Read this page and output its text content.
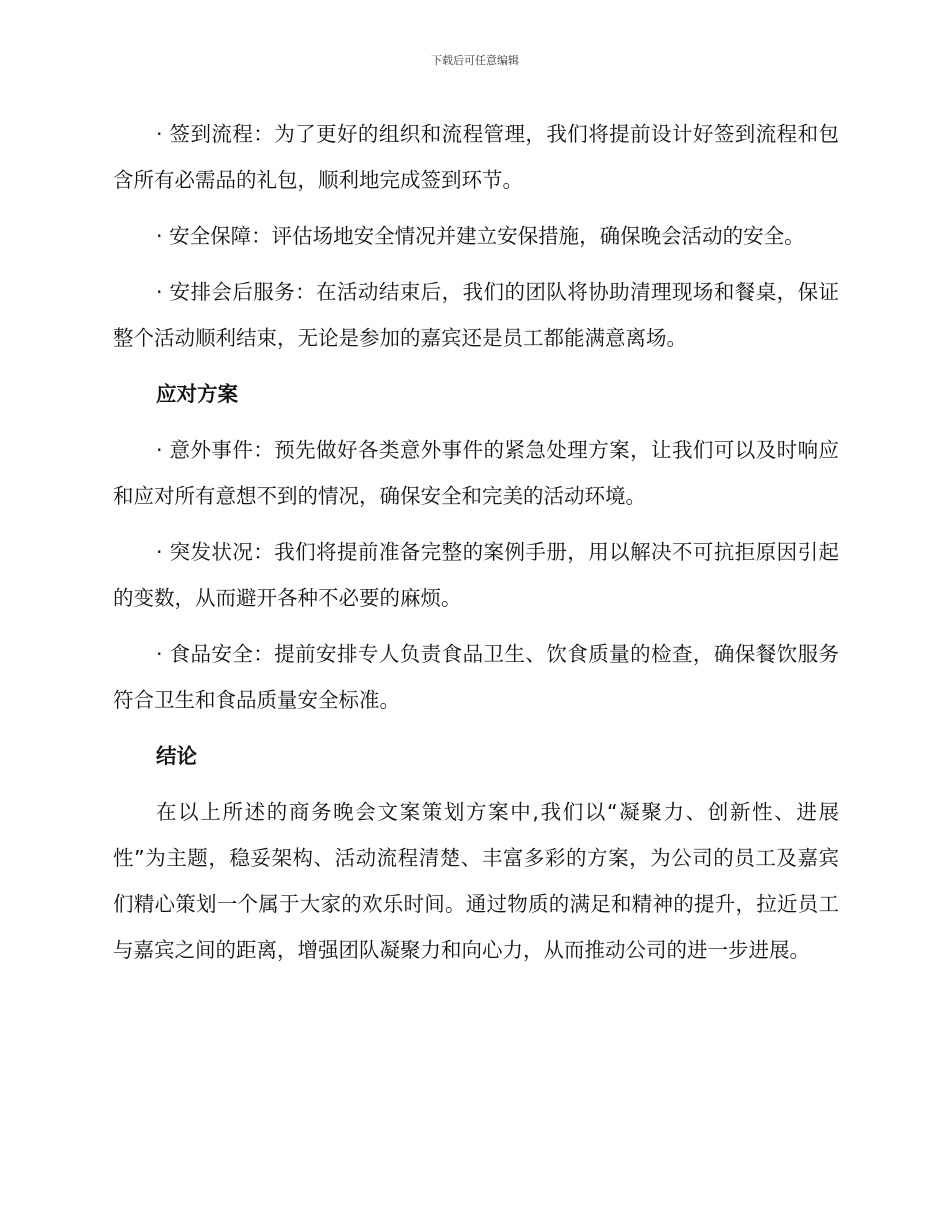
下载后可任意编辑

· 签到流程：为了更好的组织和流程管理，我们将提前设计好签到流程和包含所有必需品的礼包，顺利地完成签到环节。

· 安全保障：评估场地安全情况并建立安保措施，确保晚会活动的安全。

· 安排会后服务：在活动结束后，我们的团队将协助清理现场和餐桌，保证整个活动顺利结束，无论是参加的嘉宾还是员工都能满意离场。

应对方案

· 意外事件：预先做好各类意外事件的紧急处理方案，让我们可以及时响应和应对所有意想不到的情况，确保安全和完美的活动环境。

· 突发状况：我们将提前准备完整的案例手册，用以解决不可抗拒原因引起的变数，从而避开各种不必要的麻烦。

· 食品安全：提前安排专人负责食品卫生、饮食质量的检查，确保餐饮服务符合卫生和食品质量安全标准。

结论

在以上所述的商务晚会文案策划方案中,我们以“凝聚力、创新性、进展性”为主题，稳妥架构、活动流程清楚、丰富多彩的方案，为公司的员工及嘉宾们精心策划一个属于大家的欢乐时间。通过物质的满足和精神的提升，拉近员工与嘉宾之间的距离，增强团队凝聚力和向心力，从而推动公司的进一步进展。
